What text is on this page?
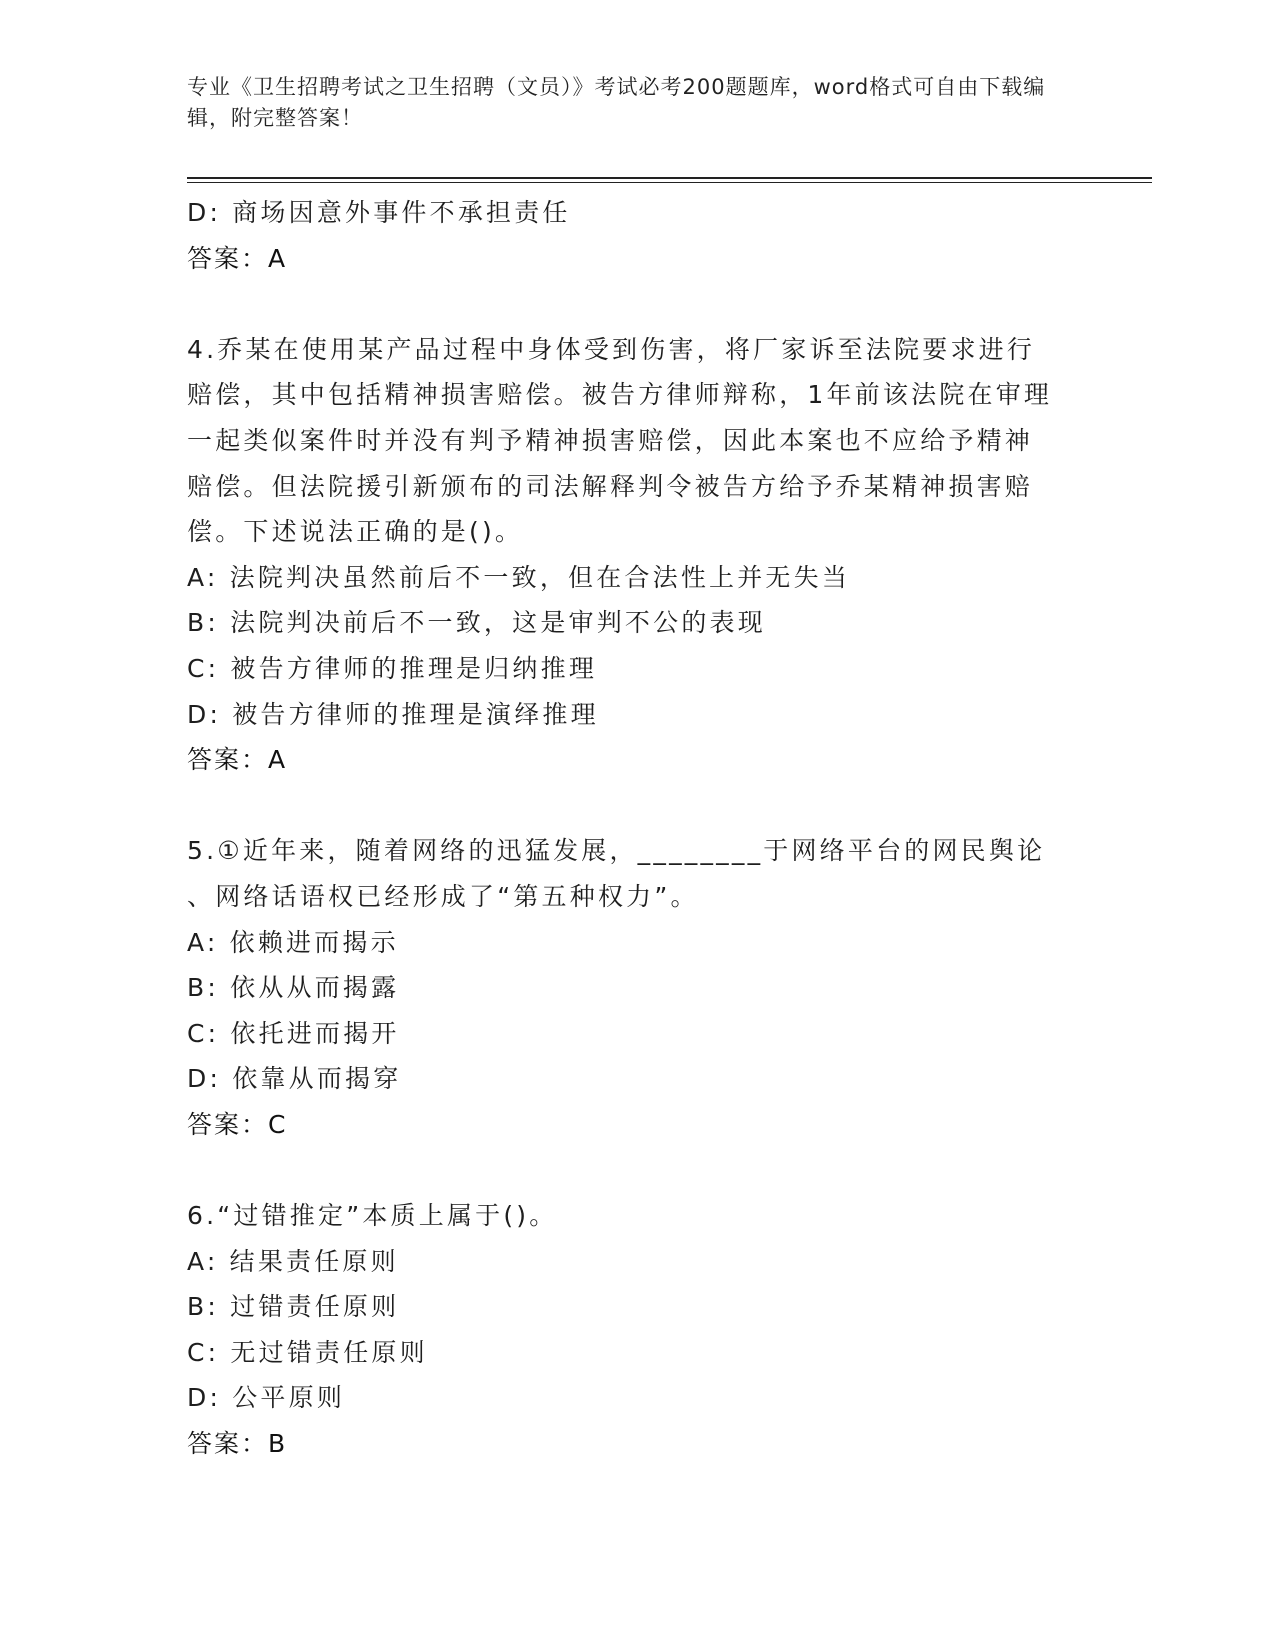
专业《卫生招聘考试之卫生招聘（文员）》考试必考200题题库，word格式可自由下载编辑，附完整答案！
D: 商场因意外事件不承担责任
答案：A
4.乔某在使用某产品过程中身体受到伤害，将厂家诉至法院要求进行
赔偿，其中包括精神损害赔偿。被告方律师辩称，1年前该法院在审理
一起类似案件时并没有判予精神损害赔偿，因此本案也不应给予精神
赔偿。但法院援引新颁布的司法解释判令被告方给予乔某精神损害赔
偿。下述说法正确的是()。
A: 法院判决虽然前后不一致，但在合法性上并无失当
B: 法院判决前后不一致，这是审判不公的表现
C: 被告方律师的推理是归纳推理
D: 被告方律师的推理是演绎推理
答案：A
5.①近年来，随着网络的迅猛发展，________于网络平台的网民舆论
、网络话语权已经形成了“第五种权力”。
A: 依赖进而揭示
B: 依从从而揭露
C: 依托进而揭开
D: 依靠从而揭穿
答案：C
6.“过错推定”本质上属于()。
A: 结果责任原则
B: 过错责任原则
C: 无过错责任原则
D: 公平原则
答案：B
